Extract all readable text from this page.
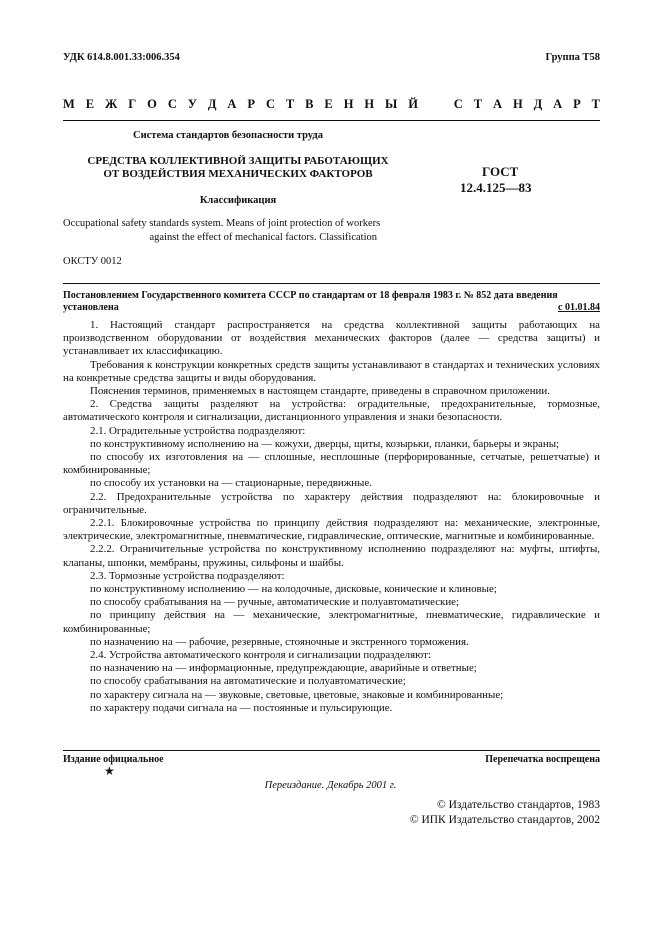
УДК 614.8.001.33:006.354	Группа Т58
М Е Ж Г О С У Д А Р С Т В Е Н Н Ы Й	С Т А Н Д А Р Т
Система стандартов безопасности труда
СРЕДСТВА КОЛЛЕКТИВНОЙ ЗАЩИТЫ РАБОТАЮЩИХ
ОТ ВОЗДЕЙСТВИЯ МЕХАНИЧЕСКИХ ФАКТОРОВ	ГОСТ
12.4.125—83
Классификация
Occupational safety standards system. Means of joint protection of workers
against the effect of mechanical factors. Classification
ОКСТУ 0012
Постановлением Государственного комитета СССР по стандартам от 18 февраля 1983 г. № 852 дата введения
установлена	с 01.01.84

1. Настоящий стандарт распространяется на средства коллективной защиты работающих на производственном оборудовании от воздействия механических факторов (далее — средства защиты) и устанавливает их классификацию.

Требования к конструкции конкретных средств защиты устанавливают в стандартах и технических условиях на конкретные средства защиты и виды оборудования.

Пояснения терминов, применяемых в настоящем стандарте, приведены в справочном приложении.

2. Средства защиты разделяют на устройства: оградительные, предохранительные, тормозные, автоматического контроля и сигнализации, дистанционного управления и знаки безопасности.

2.1. Оградительные устройства подразделяют:

по конструктивному исполнению на — кожухи, дверцы, щиты, козырьки, планки, барьеры и экраны;

по способу их изготовления на — сплошные, несплошные (перфорированные, сетчатые, решетчатые) и комбинированные;

по способу их установки на — стационарные, передвижные.

2.2. Предохранительные устройства по характеру действия подразделяют на: блокировочные и ограничительные.

2.2.1. Блокировочные устройства по принципу действия подразделяют на: механические, электронные, электрические, электромагнитные, пневматические, гидравлические, оптические, магнитные и комбинированные.

2.2.2. Ограничительные устройства по конструктивному исполнению подразделяют на: муфты, штифты, клапаны, шпонки, мембраны, пружины, сильфоны и шайбы.

2.3. Тормозные устройства подразделяют:

по конструктивному исполнению — на колодочные, дисковые, конические и клиновые;

по способу срабатывания на — ручные, автоматические и полуавтоматические;

по принципу действия на — механические, электромагнитные, пневматические, гидравлические и комбинированные;

по назначению на — рабочие, резервные, стояночные и экстренного торможения.

2.4. Устройства автоматического контроля и сигнализации подразделяют:

по назначению на — информационные, предупреждающие, аварийные и ответные;

по способу срабатывания на автоматические и полуавтоматические;

по характеру сигнала на — звуковые, световые, цветовые, знаковые и комбинированные;

по характеру подачи сигнала на — постоянные и пульсирующие.

Издание официальное	Перепечатка воспрещена
★
Переиздание. Декабрь 2001 г.
© Издательство стандартов, 1983
© ИПК Издательство стандартов, 2002
